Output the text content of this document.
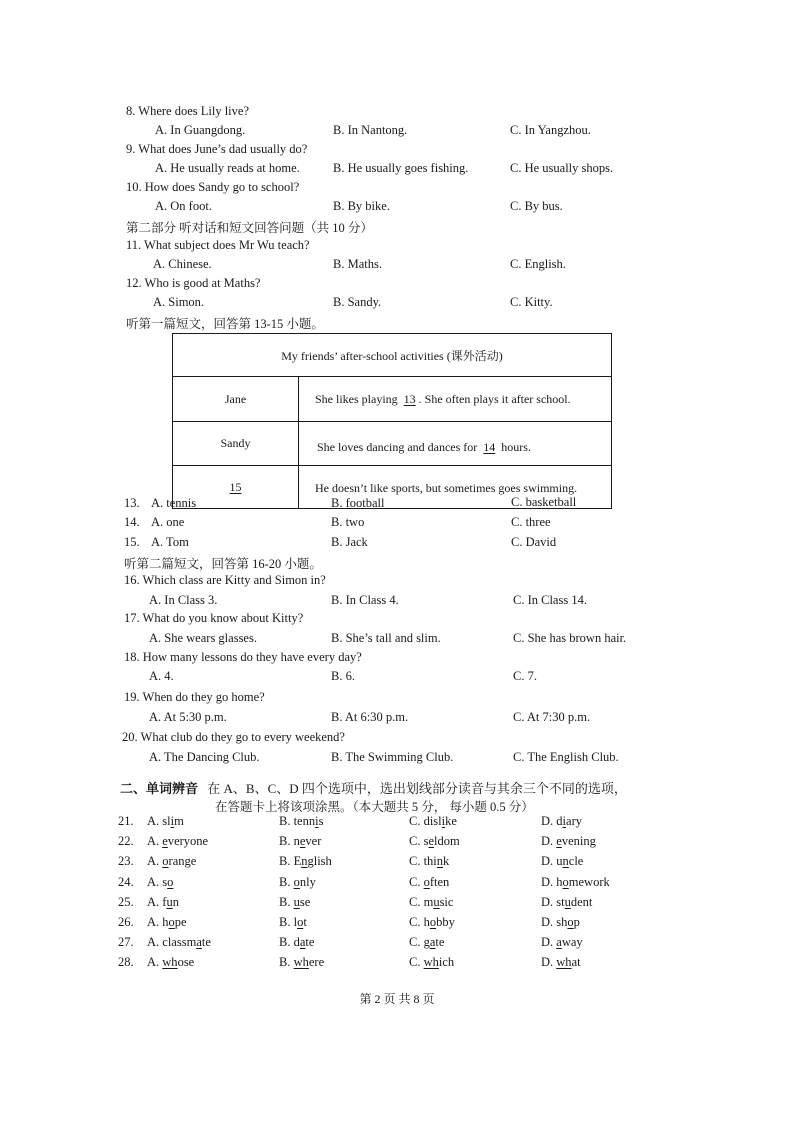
8. Where does Lily live?
A. In Guangdong.	B. In Nantong.	C. In Yangzhou.
9. What does June’s dad usually do?
A. He usually reads at home.	B. He usually goes fishing.	C. He usually shops.
10. How does Sandy go to school?
A. On foot.	B. By bike.	C. By bus.
第二部分 听对话和短文回答问题（共 10 分）
11. What subject does Mr Wu teach?
A. Chinese.	B. Maths.	C. English.
12. Who is good at Maths?
A. Simon.	B. Sandy.	C. Kitty.
听第一篇短文，回答第 13-15 小题。
My friends’ after-school activities (课外活动)	
Jane	She likes playing 13 . She often plays it after school.
Sandy	She loves dancing and dances for 14 hours.
15	He doesn’t like sports, but sometimes goes swimming.
13. A. tennis	B. football	C. basketball
14. A. one	B. two	C. three
15. A. Tom	B. Jack	C. David
听第二篇短文，回答第 16-20 小题。
16. Which class are Kitty and Simon in?
A. In Class 3.	B. In Class 4.	C. In Class 14.
17. What do you know about Kitty?
A. She wears glasses.	B. She’s tall and slim.	C. She has brown hair.
18. How many lessons do they have every day?
A. 4.	B. 6.	C. 7.
19. When do they go home?
A. At 5:30 p.m.	B. At 6:30 p.m.	C. At 7:30 p.m.
20. What club do they go to every weekend?
A. The Dancing Club.	B. The Swimming Club.	C. The English Club.
二、单词辨音 在 A、B、C、D 四个选项中，选出划线部分读音与其余三个不同的选项，
在答题卡上将该项涂黑。（本大题共 5 分， 每小题 0.5 分）
21. A. slim	B. tennis	C. dislike	D. diary
22. A. everyone	B. never	C. seldom	D. evening
23. A. orange	B. English	C. think	D. uncle
24. A. so	B. only	C. often	D. homework
25. A. fun	B. use	C. music	D. student
26. A. hope	B. lot	C. hobby	D. shop
27. A. classmate	B. date	C. gate	D. away
28. A. whose	B. where	C. which	D. what
第 2 页 共 8 页
